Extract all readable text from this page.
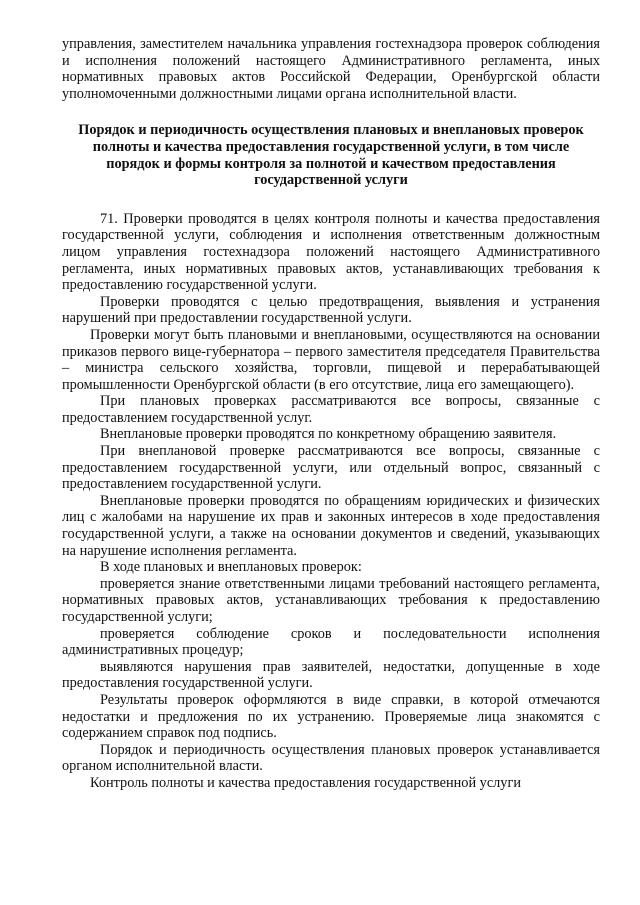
управления, заместителем начальника управления гостехнадзора проверок соблюдения и исполнения положений настоящего Административного регламента, иных нормативных правовых актов Российской Федерации, Оренбургской области уполномоченными должностными лицами органа исполнительной власти.

Порядок и периодичность осуществления плановых и внеплановых проверок полноты и качества предоставления государственной услуги, в том числе порядок и формы контроля за полнотой и качеством предоставления государственной услуги

71. Проверки проводятся в целях контроля полноты и качества предоставления государственной услуги, соблюдения и исполнения ответственным должностным лицом управления гостехнадзора положений настоящего Административного регламента, иных нормативных правовых актов, устанавливающих требования к предоставлению государственной услуги.

Проверки проводятся с целью предотвращения, выявления и устранения нарушений при предоставлении государственной услуги.

Проверки могут быть плановыми и внеплановыми, осуществляются на основании приказов первого вице-губернатора – первого заместителя председателя Правительства – министра сельского хозяйства, торговли, пищевой и перерабатывающей промышленности Оренбургской области (в его отсутствие, лица его замещающего).

При плановых проверках рассматриваются все вопросы, связанные с предоставлением государственной услуг.

Внеплановые проверки проводятся по конкретному обращению заявителя.

При внеплановой проверке рассматриваются все вопросы, связанные с предоставлением государственной услуги, или отдельный вопрос, связанный с предоставлением государственной услуги.

Внеплановые проверки проводятся по обращениям юридических и физических лиц с жалобами на нарушение их прав и законных интересов в ходе предоставления государственной услуги, а также на основании документов и сведений, указывающих на нарушение исполнения регламента.

В ходе плановых и внеплановых проверок:

проверяется знание ответственными лицами требований настоящего регламента, нормативных правовых актов, устанавливающих требования к предоставлению государственной услуги;

проверяется соблюдение сроков и последовательности исполнения административных процедур;

выявляются нарушения прав заявителей, недостатки, допущенные в ходе предоставления государственной услуги.

Результаты проверок оформляются в виде справки, в которой отмечаются недостатки и предложения по их устранению. Проверяемые лица знакомятся с содержанием справок под подпись.

Порядок и периодичность осуществления плановых проверок устанавливается органом исполнительной власти.

Контроль полноты и качества предоставления государственной услуги
